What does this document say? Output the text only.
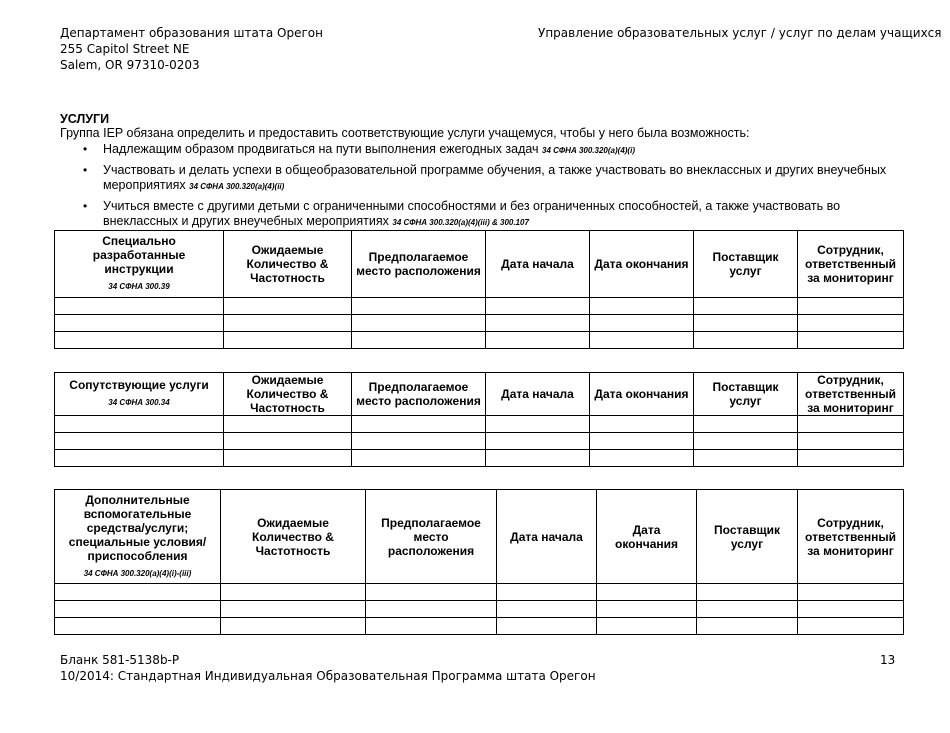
Департамент образования штата Орегон
255 Capitol Street NE
Salem, OR 97310-0203
Управление образовательных услуг / услуг по делам учащихся
УСЛУГИ
Группа IEP обязана определить и предоставить соответствующие услуги учащемуся, чтобы у него была возможность:
• Надлежащим образом продвигаться на пути выполнения ежегодных задач 34 СФНА 300.320(a)(4)(i)
• Участвовать и делать успехи в общеобразовательной программе обучения, а также участвовать во внеклассных и других внеучебных мероприятиях 34 СФНА 300.320(a)(4)(ii)
• Учиться вместе с другими детьми с ограниченными способностями и без ограниченных способностей, а также участвовать во внеклассных и других внеучебных мероприятиях 34 СФНА 300.320(a)(4)(iii) & 300.107
Специально разработанные инструкции
34 СФНА 300.39	Ожидаемые Количество & Частотность	Предполагаемое место расположения	Дата начала	Дата окончания	Поставщик услуг	Сотрудник, ответственный за мониторинг

Сопутствующие услуги
34 СФНА 300.34	Ожидаемые Количество & Частотность	Предполагаемое место расположения	Дата начала	Дата окончания	Поставщик услуг	Сотрудник, ответственный за мониторинг

Дополнительные вспомогательные средства/услуги; специальные условия/приспособления
34 СФНА 300.320(a)(4)(i)-(iii)	Ожидаемые Количество & Частотность	Предполагаемое место расположения	Дата начала	Дата окончания	Поставщик услуг	Сотрудник, ответственный за мониторинг

Бланк 581-5138b-P
10/2014: Стандартная Индивидуальная Образовательная Программа штата Орегон
13
